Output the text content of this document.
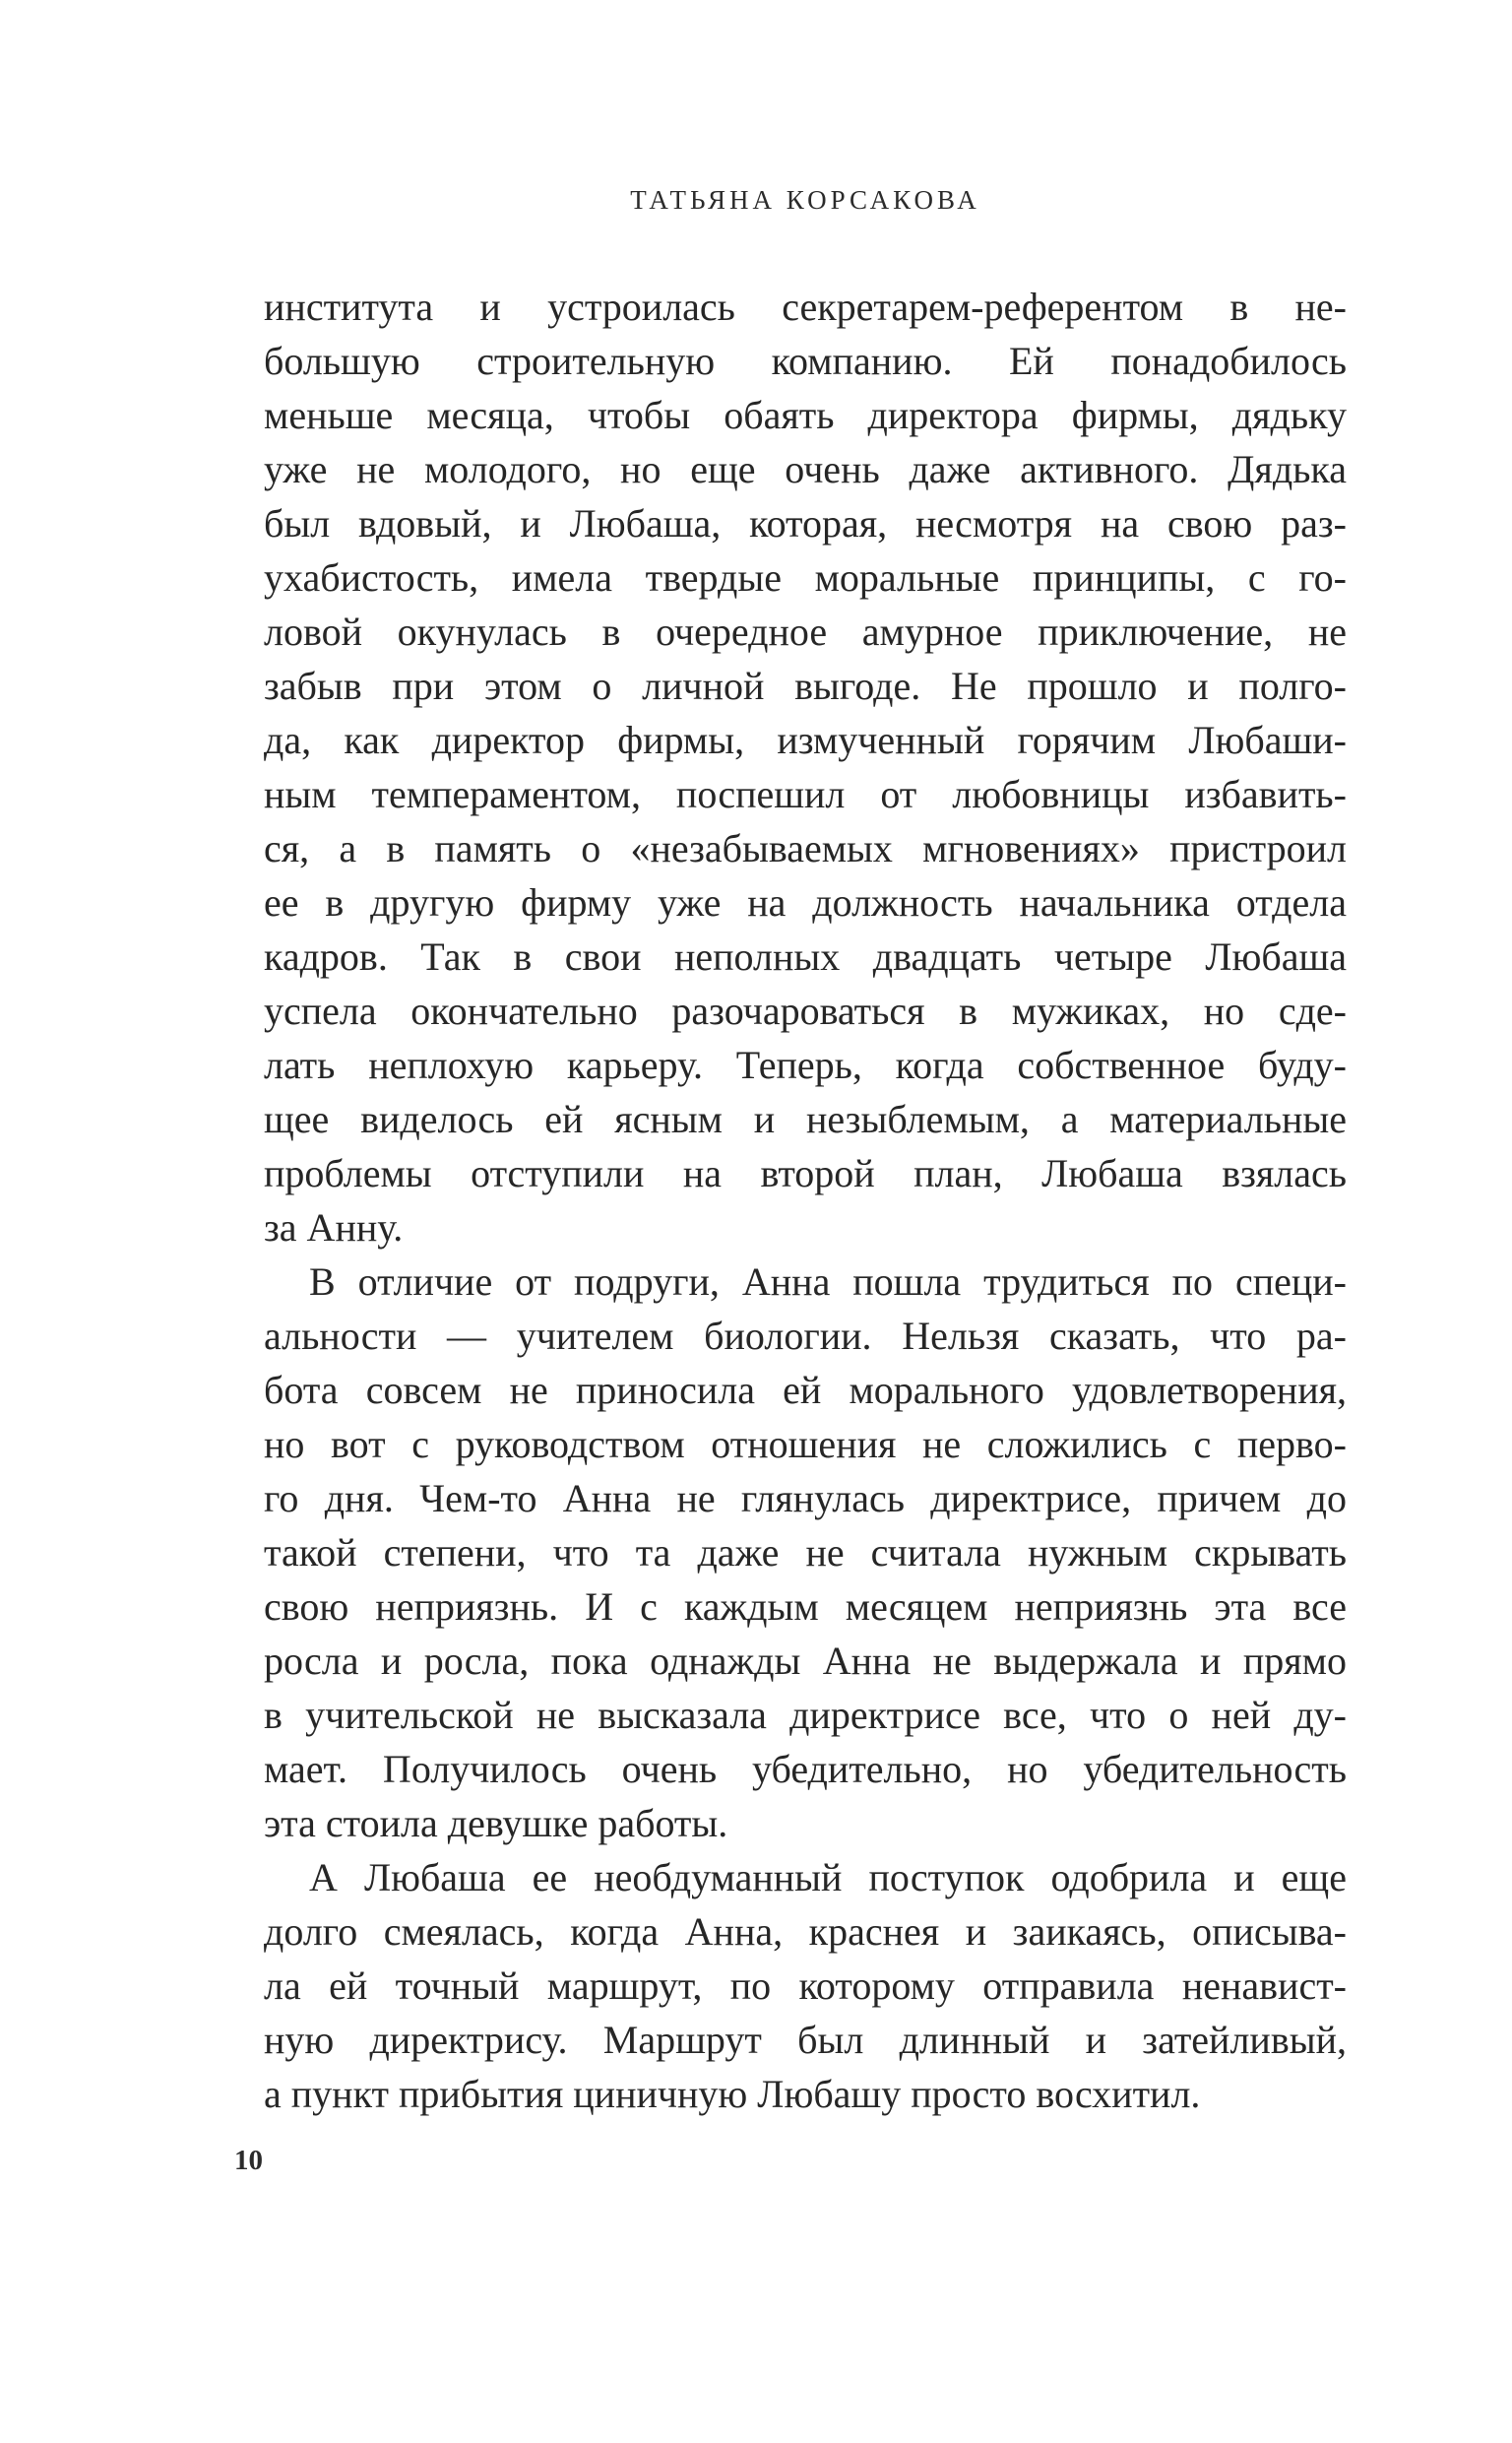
ТАТЬЯНА КОРСАКОВА
института и устроилась секретарем-референтом в не-
большую строительную компанию. Ей понадобилось
меньше месяца, чтобы обаять директора фирмы, дядьку
уже не молодого, но еще очень даже активного. Дядька
был вдовый, и Любаша, которая, несмотря на свою раз-
ухабистость, имела твердые моральные принципы, с го-
ловой окунулась в очередное амурное приключение, не
забыв при этом о личной выгоде. Не прошло и полго-
да, как директор фирмы, измученный горячим Любаши-
ным темпераментом, поспешил от любовницы избавить-
ся, а в память о «незабываемых мгновениях» пристроил
ее в другую фирму уже на должность начальника отдела
кадров. Так в свои неполных двадцать четыре Любаша
успела окончательно разочароваться в мужиках, но сде-
лать неплохую карьеру. Теперь, когда собственное буду-
щее виделось ей ясным и незыблемым, а материальные
проблемы отступили на второй план, Любаша взялась
за Анну.
В отличие от подруги, Анна пошла трудиться по специ-
альности — учителем биологии. Нельзя сказать, что ра-
бота совсем не приносила ей морального удовлетворения,
но вот с руководством отношения не сложились с перво-
го дня. Чем-то Анна не глянулась директрисе, причем до
такой степени, что та даже не считала нужным скрывать
свою неприязнь. И с каждым месяцем неприязнь эта все
росла и росла, пока однажды Анна не выдержала и прямо
в учительской не высказала директрисе все, что о ней ду-
мает. Получилось очень убедительно, но убедительность
эта стоила девушке работы.
А Любаша ее необдуманный поступок одобрила и еще
долго смеялась, когда Анна, краснея и заикаясь, описыва-
ла ей точный маршрут, по которому отправила ненавист-
ную директрису. Маршрут был длинный и затейливый,
а пункт прибытия циничную Любашу просто восхитил.
10
